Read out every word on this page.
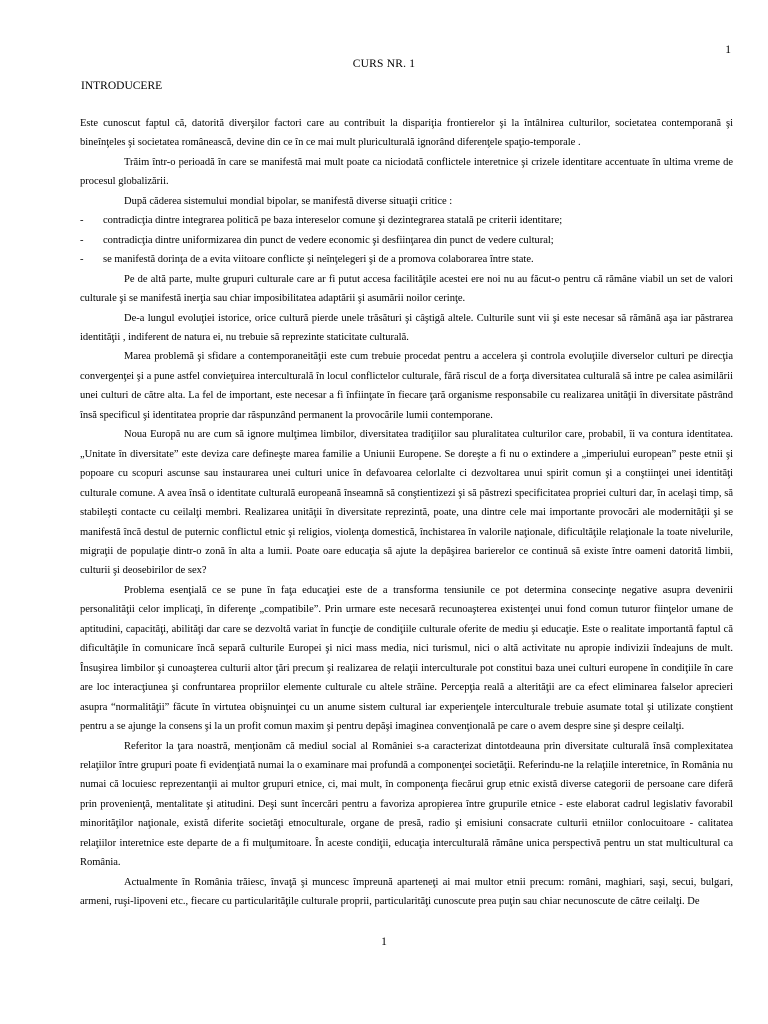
1
CURS NR. 1
INTRODUCERE

Este cunoscut faptul că, datorită diverşilor factori care au contribuit la dispariţia frontierelor şi la întâlnirea culturilor, societatea contemporană şi bineînţeles şi societatea românească, devine din ce în ce mai mult pluriculturală ignorând diferenţele spaţio-temporale .

Trăim într-o perioadă în care se manifestă mai mult poate ca niciodată conflictele interetnice şi crizele identitare accentuate în ultima vreme de procesul globalizării.

După căderea sistemului mondial bipolar, se manifestă diverse situaţii critice :

-	contradicţia dintre integrarea politică pe baza intereselor comune şi dezintegrarea statală pe criterii identitare;
-	contradicţia dintre uniformizarea din punct de vedere economic şi desfiinţarea din punct de vedere cultural;
-	se manifestă dorinţa de a evita viitoare conflicte şi neînţelegeri şi de a promova colaborarea între state.

Pe de altă parte, multe grupuri culturale care ar fi putut accesa facilităţile acestei ere noi nu au făcut-o pentru că rămâne viabil un set de valori culturale şi se manifestă inerţia sau chiar imposibilitatea adaptării şi asumării noilor cerinţe.

De-a lungul evoluţiei istorice, orice cultură pierde unele trăsături şi câştigă altele. Culturile sunt vii şi este necesar să rămână aşa iar păstrarea identităţii , indiferent de natura ei, nu trebuie să reprezinte staticitate culturală.

Marea problemă şi sfidare a contemporaneităţii este cum trebuie procedat pentru a accelera şi controla evoluţiile diverselor culturi pe direcţia convergenţei şi a pune astfel convieţuirea interculturală în locul conflictelor culturale, fără riscul de a forţa diversitatea culturală să intre pe calea asimilării unei culturi de către alta. La fel de important, este necesar a fi înfiinţate în fiecare ţară organisme responsabile cu realizarea unităţii în diversitate păstrând însă specificul şi identitatea proprie dar răspunzând permanent la provocările lumii contemporane.

Noua Europă nu are cum să ignore mulţimea limbilor, diversitatea tradiţiilor sau pluralitatea culturilor care, probabil, îi va contura identitatea. „Unitate în diversitate” este deviza care defineşte marea familie a Uniunii Europene. Se doreşte a fi nu o extindere a „imperiului european” peste etnii şi popoare cu scopuri ascunse sau instaurarea unei culturi unice în defavoarea celorlalte ci dezvoltarea unui spirit comun şi a conştiinţei unei identităţi culturale comune. A avea însă o identitate culturală europeană înseamnă să conştientizezi şi să păstrezi specificitatea propriei culturi dar, în acelaşi timp, să stabileşti contacte cu ceilalţi membri. Realizarea unităţii în diversitate reprezintă, poate, una dintre cele mai importante provocări ale modernităţii şi se manifestă încă destul de puternic conflictul etnic şi religios, violenţa domestică, închistarea în valorile naţionale, dificultăţile relaţionale la toate nivelurile, migraţii de populaţie dintr-o zonă în alta a lumii. Poate oare educaţia să ajute la depăşirea barierelor ce continuă să existe între oameni datorită limbii, culturii şi deosebirilor de sex?

Problema esenţială ce se pune în faţa educaţiei este de a transforma tensiunile ce pot determina consecinţe negative asupra devenirii personalităţii celor implicaţi, în diferenţe „compatibile”. Prin urmare este necesară recunoaşterea existenţei unui fond comun tuturor fiinţelor umane de aptitudini, capacităţi, abilităţi dar care se dezvoltă variat în funcţie de condiţiile culturale oferite de mediu şi educaţie. Este o realitate importantă faptul că dificultăţile în comunicare încă separă culturile Europei şi nici mass media, nici turismul, nici o altă activitate nu apropie indivizii îndeajuns de mult. Însuşirea limbilor şi cunoaşterea culturii altor ţări precum şi realizarea de relaţii interculturale pot constitui baza unei culturi europene în condiţiile în care are loc interacţiunea şi confruntarea propriilor elemente culturale cu altele străine. Percepţia reală a alterităţii are ca efect eliminarea falselor aprecieri asupra “normalităţii” făcute în virtutea obişnuinţei cu un anume sistem cultural iar experienţele interculturale trebuie asumate total şi utilizate conştient pentru a se ajunge la consens şi la un profit comun maxim şi pentru depăşi imaginea convenţională pe care o avem despre sine şi despre ceilalţi.

Referitor la ţara noastră, menţionăm că mediul social al României s-a caracterizat dintotdeauna prin diversitate culturală însă complexitatea relaţiilor între grupuri poate fi evidenţiată numai la o examinare mai profundă a componenţei societăţii. Referindu-ne la relaţiile interetnice, în România nu numai că locuiesc reprezentanţii ai multor grupuri etnice, ci, mai mult, în componenţa fiecărui grup etnic există diverse categorii de persoane care diferă prin provenienţă, mentalitate şi atitudini. Deşi sunt încercări pentru a favoriza apropierea între grupurile etnice - este elaborat cadrul legislativ favorabil minorităţilor naţionale, există diferite societăţi etnoculturale, organe de presă, radio şi emisiuni consacrate culturii etniilor conlocuitoare - calitatea relaţiilor interetnice este departe de a fi mulţumitoare. În aceste condiţii, educaţia interculturală rămâne unica perspectivă pentru un stat multicultural ca România.

Actualmente în România trăiesc, învaţă şi muncesc împreună aparteneţi ai mai multor etnii precum: români, maghiari, saşi, secui, bulgari, armeni, ruşi-lipoveni etc., fiecare cu particularităţile culturale proprii, particularităţi cunoscute prea puţin sau chiar necunoscute de către ceilalţi. De

1
